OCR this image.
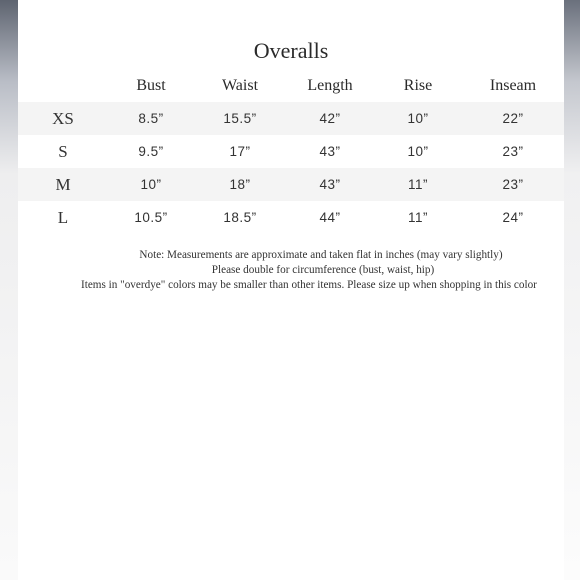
Overalls
	Bust	Waist	Length	Rise	Inseam
XS	8.5”	15.5”	42”	10”	22”
S	9.5”	17”	43”	10”	23”
M	10”	18”	43”	11”	23”
L	10.5”	18.5”	44”	11”	24”
Note: Measurements are approximate and taken flat in inches (may vary slightly)
Please double for circumference (bust, waist, hip)
Items in "overdye" colors may be smaller than other items. Please size up when shopping in this color
